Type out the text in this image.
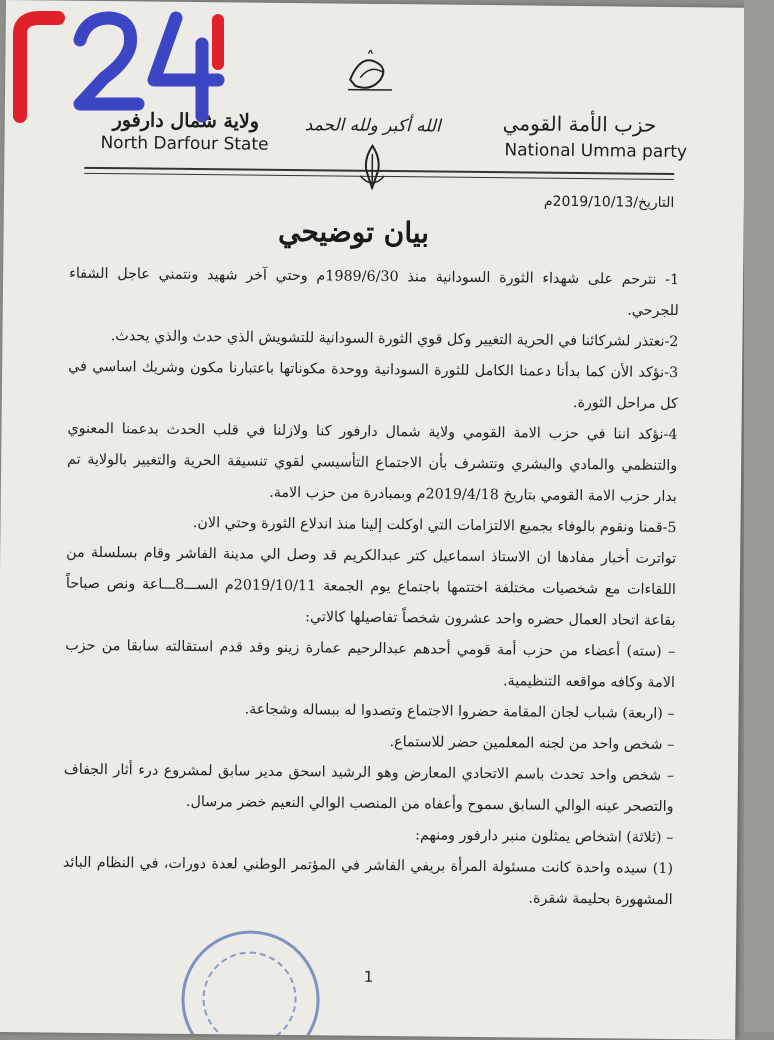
ولاية شمال دارفور
North Darfour State
الله أكبر ولله الحمد	حزب الأمة القومي
National Umma party
التاريخ/2019/10/13م
بيان توضيحي

1- نترحم على شهداء الثورة السودانية منذ 1989/6/30م وحتي آخر شهيد ونتمني عاجل الشفاء للجرحي.

2-نعتذر لشركائنا في الحرية التغيير وكل قوي الثورة السودانية للتشويش الذي حدث والذي يحدث.

3-نؤكد الأن كما بدأنا دعمنا الكامل للثورة السودانية ووحدة مكوناتها باعتبارنا مكون وشريك اساسي في كل مراحل الثورة.

4-نؤكد اننا في حزب الامة القومي ولاية شمال دارفور كنا ولازلنا في قلب الحدث بدعمنا المعنوي والتنظمي والمادي والبشري ونتشرف بأن الاجتماع التأسيسي لقوي تنسيقة الحرية والتغيير بالولاية تم بدار حزب الامة القومي بتاريخ 2019/4/18م وبمبادرة من حزب الامة.

5-قمنا ونقوم بالوفاء بجميع الالتزامات التي اوكلت إلينا منذ اندلاع الثورة وحتي الان.

تواترت أخبار مفادها ان الاستاذ اسماعيل كتر عبدالكريم قد وصل الي مدينة الفاشر وقام بسلسلة من اللقاءات مع شخصيات مختلفة اختتمها باجتماع يوم الجمعة 2019/10/11م الســـ8ـــاعة ونص صباحاً بقاعة اتحاد العمال حضره واحد عشرون شخصاً تفاصيلها كالاتي:

– (سته) أعضاء من حزب أمة قومي أحدهم عبدالرحيم عمارة زينو وقد قدم استقالته سابقا من حزب الامة وكافه مواقعه التنظيمية.

– (اربعة) شباب لجان المقامة حضروا الاجتماع وتصدوا له ببساله وشجاعة.

– شخص واحد من لجنه المعلمين حضر للاستماع.

– شخص واحد تحدث باسم الاتحادي المعارض وهو الرشيد اسحق مدير سابق لمشروع درء أثار الجفاف والتصحر عينه الوالي السابق سموح وأعفاه من المنصب الوالي النعيم خضر مرسال.

– (ثلاثة) اشخاص يمثلون منبر دارفور ومنهم:

(1) سيده واحدة كانت مسئولة المرأة بريفي الفاشر في المؤتمر الوطني لعدة دورات، في النظام البائد المشهورة بحليمة شقرة.

1
